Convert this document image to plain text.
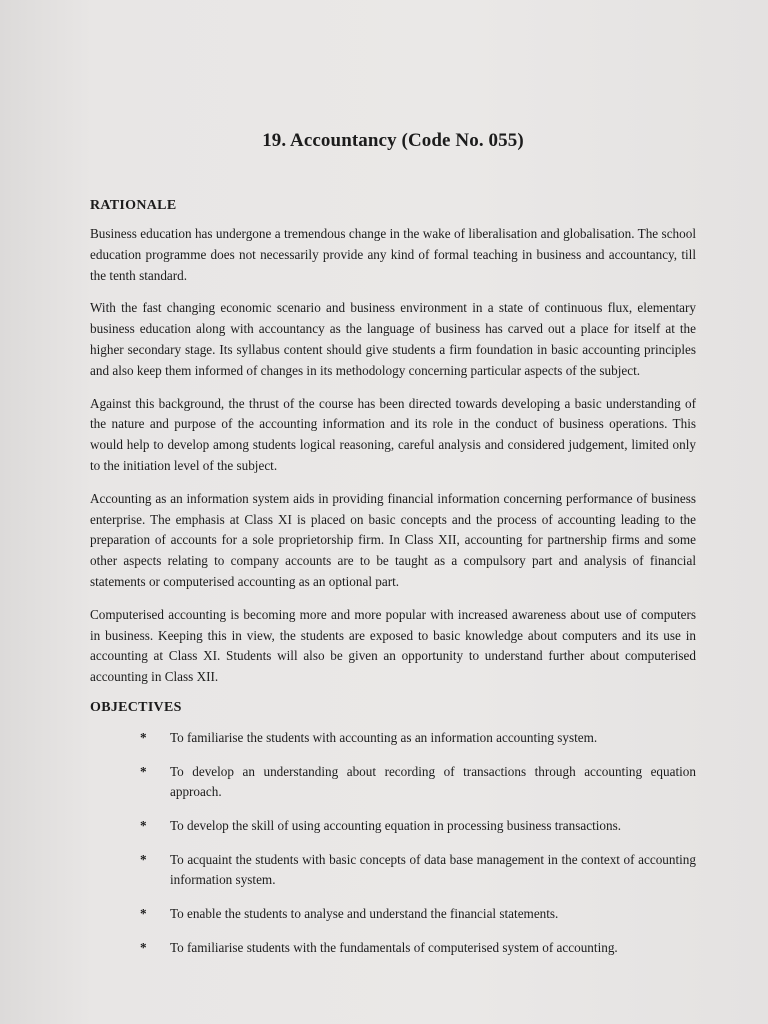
19. Accountancy (Code No. 055)
RATIONALE

Business education has undergone a tremendous change in the wake of liberalisation and globalisation. The school education programme does not necessarily provide any kind of formal teaching in business and accountancy, till the tenth standard.

With the fast changing economic scenario and business environment in a state of continuous flux, elementary business education along with accountancy as the language of business has carved out a place for itself at the higher secondary stage. Its syllabus content should give students a firm foundation in basic accounting principles and also keep them informed of changes in its methodology concerning particular aspects of the subject.

Against this background, the thrust of the course has been directed towards developing a basic understanding of the nature and purpose of the accounting information and its role in the conduct of business operations. This would help to develop among students logical reasoning, careful analysis and considered judgement, limited only to the initiation level of the subject.

Accounting as an information system aids in providing financial information concerning performance of business enterprise. The emphasis at Class XI is placed on basic concepts and the process of accounting leading to the preparation of accounts for a sole proprietorship firm. In Class XII, accounting for partnership firms and some other aspects relating to company accounts are to be taught as a compulsory part and analysis of financial statements or computerised accounting as an optional part.

Computerised accounting is becoming more and more popular with increased awareness about use of computers in business. Keeping this in view, the students are exposed to basic knowledge about computers and its use in accounting at Class XI. Students will also be given an opportunity to understand further about computerised accounting in Class XII.

OBJECTIVES
*	To familiarise the students with accounting as an information accounting system.
*	To develop an understanding about recording of transactions through accounting equation approach.
*	To develop the skill of using accounting equation in processing business transactions.
*	To acquaint the students with basic concepts of data base management in the context of accounting information system.
*	To enable the students to analyse and understand the financial statements.
*	To familiarise students with the fundamentals of computerised system of accounting.
